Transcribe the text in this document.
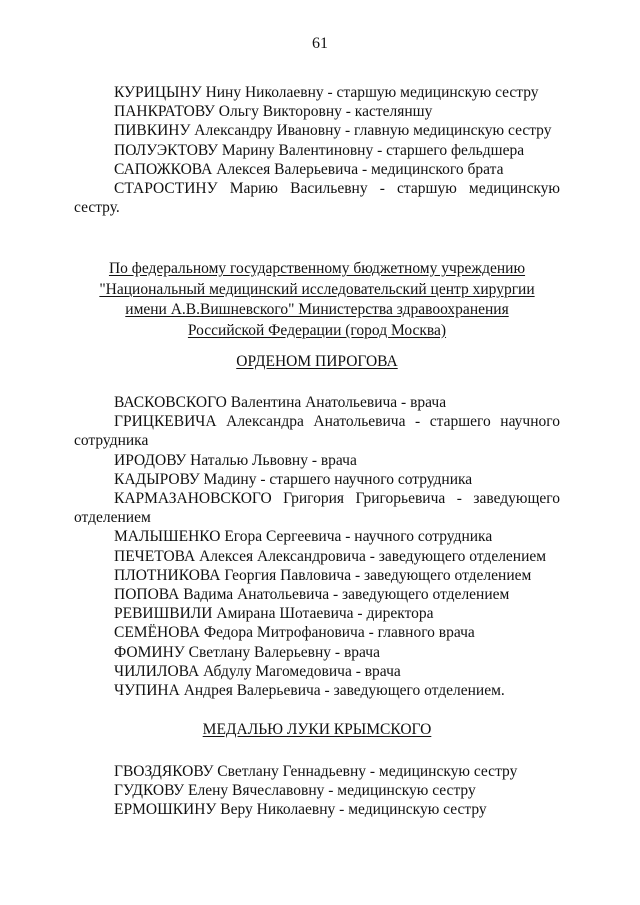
61

КУРИЦЫНУ Нину Николаевну - старшую медицинскую сестру

ПАНКРАТОВУ Ольгу Викторовну - кастеляншу

ПИВКИНУ Александру Ивановну - главную медицинскую сестру

ПОЛУЭКТОВУ Марину Валентиновну - старшего фельдшера

САПОЖКОВА Алексея Валерьевича - медицинского брата

СТАРОСТИНУ Марию Васильевну - старшую медицинскую

сестру.

По федеральному государственному бюджетному учреждению
"Национальный медицинский исследовательский центр хирургии
имени А.В.Вишневского" Министерства здравоохранения
Российской Федерации (город Москва)
ОРДЕНОМ ПИРОГОВА

ВАСКОВСКОГО Валентина Анатольевича - врача

ГРИЦКЕВИЧА Александра Анатольевича - старшего научного

сотрудника

ИРОДОВУ Наталью Львовну - врача

КАДЫРОВУ Мадину - старшего научного сотрудника

КАРМАЗАНОВСКОГО Григория Григорьевича - заведующего

отделением

МАЛЫШЕНКО Егора Сергеевича - научного сотрудника

ПЕЧЕТОВА Алексея Александровича - заведующего отделением

ПЛОТНИКОВА Георгия Павловича - заведующего отделением

ПОПОВА Вадима Анатольевича - заведующего отделением

РЕВИШВИЛИ Амирана Шотаевича - директора

СЕМЁНОВА Федора Митрофановича - главного врача

ФОМИНУ Светлану Валерьевну - врача

ЧИЛИЛОВА Абдулу Магомедовича - врача

ЧУПИНА Андрея Валерьевича - заведующего отделением.

МЕДАЛЬЮ ЛУКИ КРЫМСКОГО

ГВОЗДЯКОВУ Светлану Геннадьевну - медицинскую сестру

ГУДКОВУ Елену Вячеславовну - медицинскую сестру

ЕРМОШКИНУ Веру Николаевну - медицинскую сестру
